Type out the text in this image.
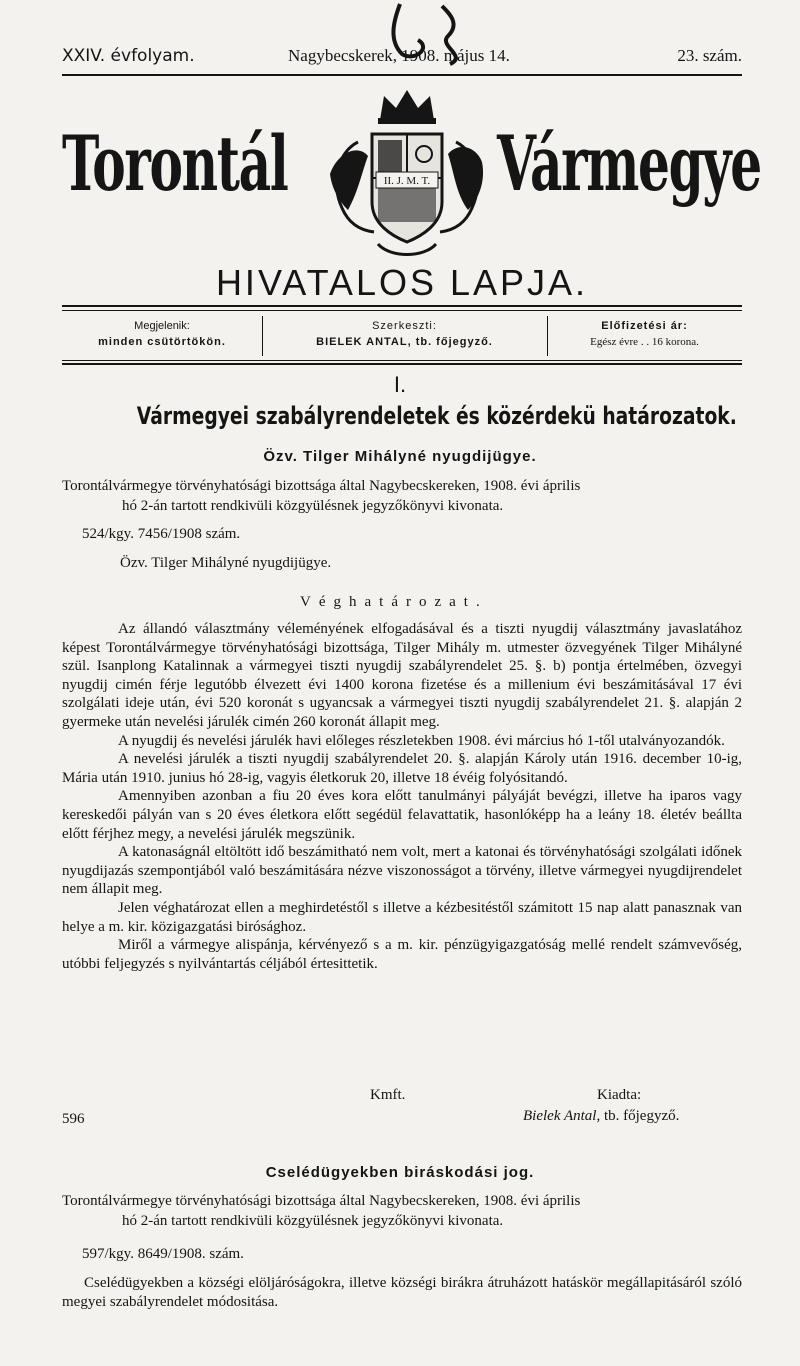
XXIV. évfolyam.	Nagybecskerek, 1908. május 14.	23. szám.
Torontál	Vármegye
II. J. M. T.
HIVATALOS LAPJA.
Megjelenik:
minden csütörtökön.
Szerkeszti:
BIELEK ANTAL, tb. főjegyző.
Előfizetési ár:
Egész évre . . 16 korona.
I.
Vármegyei szabályrendeletek és közérdekü határozatok.
Özv. Tilger Mihályné nyugdijügye.
Torontálvármegye törvényhatósági bizottsága által Nagybecskereken, 1908. évi április
hó 2-án tartott rendkivüli közgyülésnek jegyzőkönyvi kivonata.
524/kgy. 7456/1908 szám.
Özv. Tilger Mihályné nyugdijügye.
Véghatározat.

Az állandó választmány véleményének elfogadásával és a tiszti nyugdij választmány javaslatához képest Torontálvármegye törvényhatósági bizottsága, Tilger Mihály m. utmester özvegyének Tilger Mihályné szül. Isanplong Katalinnak a vármegyei tiszti nyugdij szabályrendelet 25. §. b) pontja értelmében, özvegyi nyugdij cimén férje legutóbb élvezett évi 1400 korona fizetése és a millenium évi beszámitásával 17 évi szolgálati ideje után, évi 520 koronát s ugyancsak a vármegyei tiszti nyugdij szabályrendelet 21. §. alapján 2 gyermeke után nevelési járulék cimén 260 koronát állapit meg.

A nyugdij és nevelési járulék havi előleges részletekben 1908. évi március hó 1-től utalványozandók.

A nevelési járulék a tiszti nyugdij szabályrendelet 20. §. alapján Károly után 1916. december 10-ig, Mária után 1910. junius hó 28-ig, vagyis életkoruk 20, illetve 18 évéig folyósitandó.

Amennyiben azonban a fiu 20 éves kora előtt tanulmányi pályáját bevégzi, illetve ha iparos vagy kereskedői pályán van s 20 éves életkora előtt segédül felavattatik, hasonlóképp ha a leány 18. életév beállta előtt férjhez megy, a nevelési járulék megszünik.

A katonaságnál eltöltött idő beszámitható nem volt, mert a katonai és törvényhatósági szolgálati időnek nyugdijazás szempontjából való beszámitására nézve viszonosságot a törvény, illetve vármegyei nyugdijrendelet nem állapit meg.

Jelen véghatározat ellen a meghirdetéstől s illetve a kézbesitéstől számitott 15 nap alatt panasznak van helye a m. kir. közigazgatási birósághoz.

Miről a vármegye alispánja, kérvényező s a m. kir. pénzügyigazgatóság mellé rendelt számvevőség, utóbbi feljegyzés s nyilvántartás céljából értesittetik.

Kmft.	Kiadta:
596	Bielek Antal, tb. főjegyző.
Cselédügyekben biráskodási jog.
Torontálvármegye törvényhatósági bizottsága által Nagybecskereken, 1908. évi április
hó 2-án tartott rendkivüli közgyülésnek jegyzőkönyvi kivonata.
597/kgy. 8649/1908. szám.

Cselédügyekben a községi elöljáróságokra, illetve községi birákra átruházott hatáskör megállapitásáról szóló megyei szabályrendelet módositása.
